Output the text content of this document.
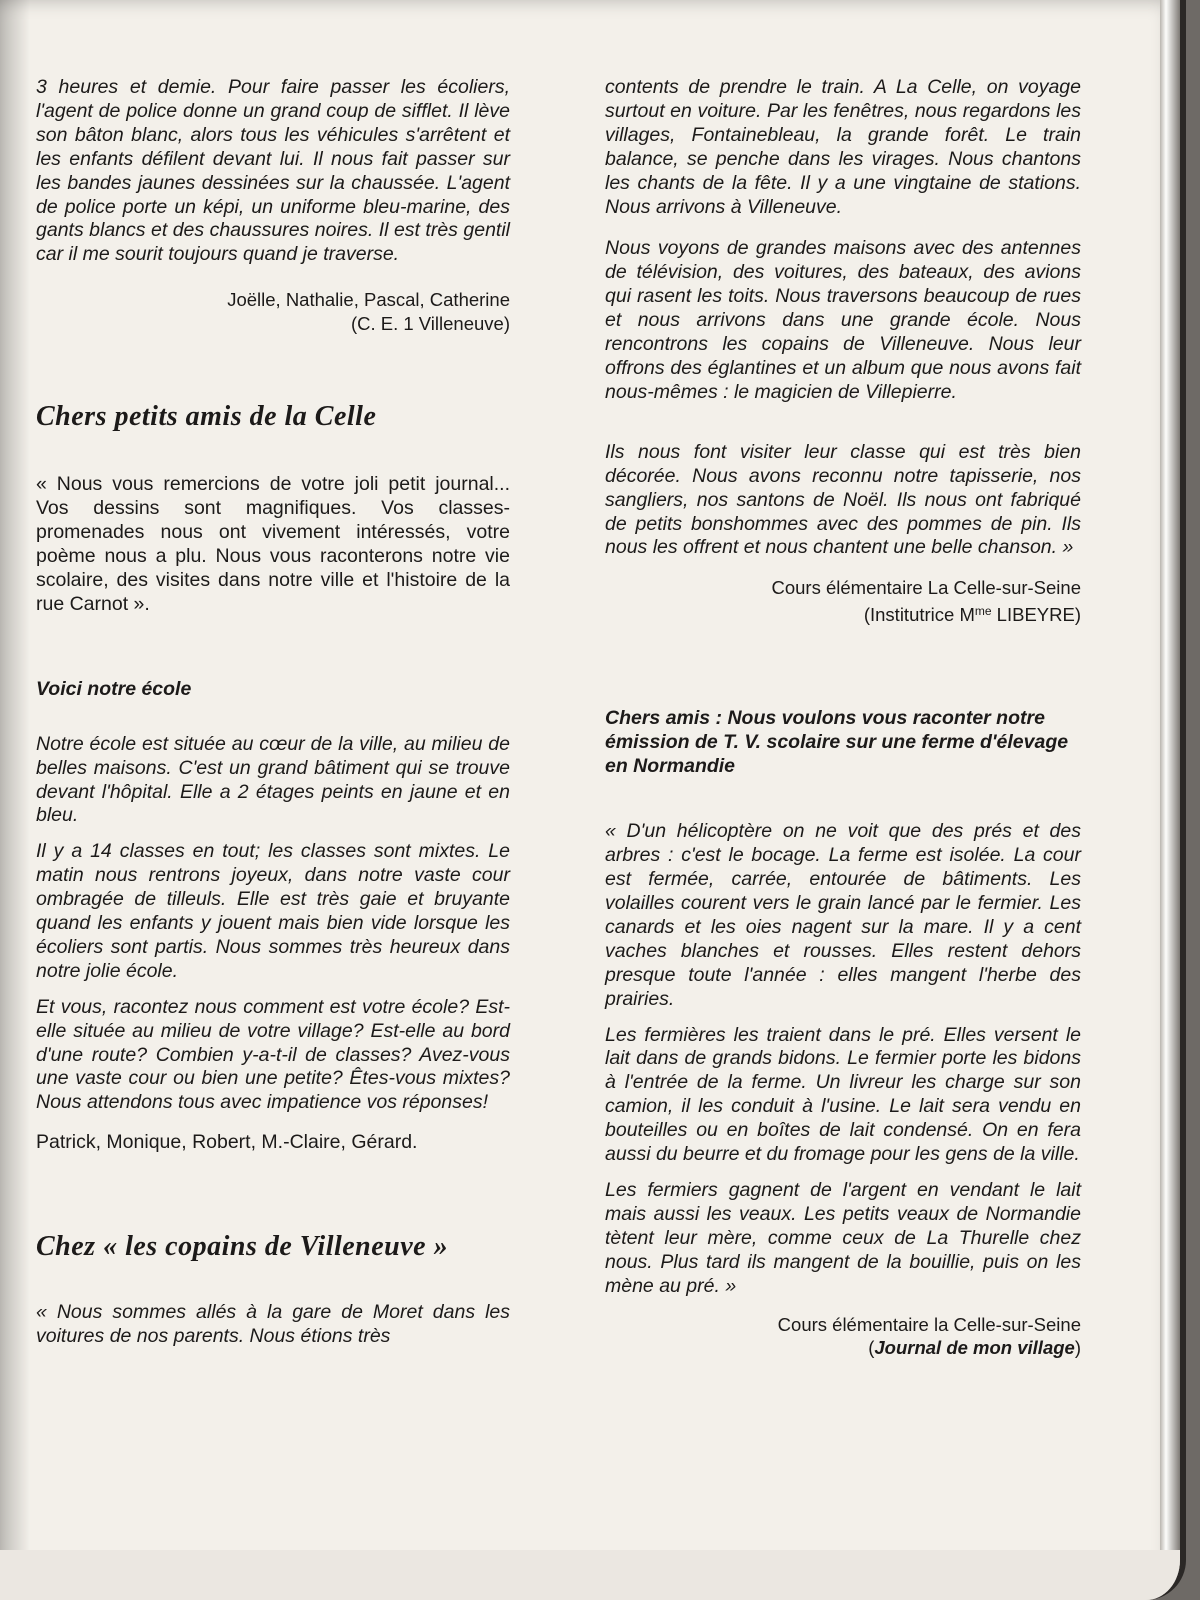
3 heures et demie. Pour faire passer les écoliers, l'agent de police donne un grand coup de sifflet. Il lève son bâton blanc, alors tous les véhicules s'arrêtent et les enfants défilent devant lui. Il nous fait passer sur les bandes jaunes dessinées sur la chaussée. L'agent de police porte un képi, un uniforme bleu-marine, des gants blancs et des chaussures noires. Il est très gentil car il me sourit toujours quand je traverse.

Joëlle, Nathalie, Pascal, Catherine

(C. E. 1 Villeneuve)

Chers petits amis de la Celle

« Nous vous remercions de votre joli petit journal... Vos dessins sont magnifiques. Vos classes-promenades nous ont vivement intéressés, votre poème nous a plu. Nous vous raconterons notre vie scolaire, des visites dans notre ville et l'histoire de la rue Carnot ».

Voici notre école

Notre école est située au cœur de la ville, au milieu de belles maisons. C'est un grand bâtiment qui se trouve devant l'hôpital. Elle a 2 étages peints en jaune et en bleu.

Il y a 14 classes en tout; les classes sont mixtes. Le matin nous rentrons joyeux, dans notre vaste cour ombragée de tilleuls. Elle est très gaie et bruyante quand les enfants y jouent mais bien vide lorsque les écoliers sont partis. Nous sommes très heureux dans notre jolie école.

Et vous, racontez nous comment est votre école? Est-elle située au milieu de votre village? Est-elle au bord d'une route? Combien y-a-t-il de classes? Avez-vous une vaste cour ou bien une petite? Êtes-vous mixtes? Nous attendons tous avec impatience vos réponses!

Patrick, Monique, Robert, M.-Claire, Gérard.

Chez « les copains de Villeneuve »

« Nous sommes allés à la gare de Moret dans les voitures de nos parents. Nous étions très

contents de prendre le train. A La Celle, on voyage surtout en voiture. Par les fenêtres, nous regardons les villages, Fontainebleau, la grande forêt. Le train balance, se penche dans les virages. Nous chantons les chants de la fête. Il y a une vingtaine de stations. Nous arrivons à Villeneuve.

Nous voyons de grandes maisons avec des antennes de télévision, des voitures, des bateaux, des avions qui rasent les toits. Nous traversons beaucoup de rues et nous arrivons dans une grande école. Nous rencontrons les copains de Villeneuve. Nous leur offrons des églantines et un album que nous avons fait nous-mêmes : le magicien de Villepierre.

Ils nous font visiter leur classe qui est très bien décorée. Nous avons reconnu notre tapisserie, nos sangliers, nos santons de Noël. Ils nous ont fabriqué de petits bonshommes avec des pommes de pin. Ils nous les offrent et nous chantent une belle chanson. »

Cours élémentaire La Celle-sur-Seine

(Institutrice $M^{me}$ LIBEYRE)

Chers amis : Nous voulons vous raconter notre émission de T. V. scolaire sur une ferme d'élevage en Normandie

« D'un hélicoptère on ne voit que des prés et des arbres : c'est le bocage. La ferme est isolée. La cour est fermée, carrée, entourée de bâtiments. Les volailles courent vers le grain lancé par le fermier. Les canards et les oies nagent sur la mare. Il y a cent vaches blanches et rousses. Elles restent dehors presque toute l'année : elles mangent l'herbe des prairies.

Les fermières les traient dans le pré. Elles versent le lait dans de grands bidons. Le fermier porte les bidons à l'entrée de la ferme. Un livreur les charge sur son camion, il les conduit à l'usine. Le lait sera vendu en bouteilles ou en boîtes de lait condensé. On en fera aussi du beurre et du fromage pour les gens de la ville.

Les fermiers gagnent de l'argent en vendant le lait mais aussi les veaux. Les petits veaux de Normandie tètent leur mère, comme ceux de La Thurelle chez nous. Plus tard ils mangent de la bouillie, puis on les mène au pré. »

Cours élémentaire la Celle-sur-Seine

(Journal de mon village)
